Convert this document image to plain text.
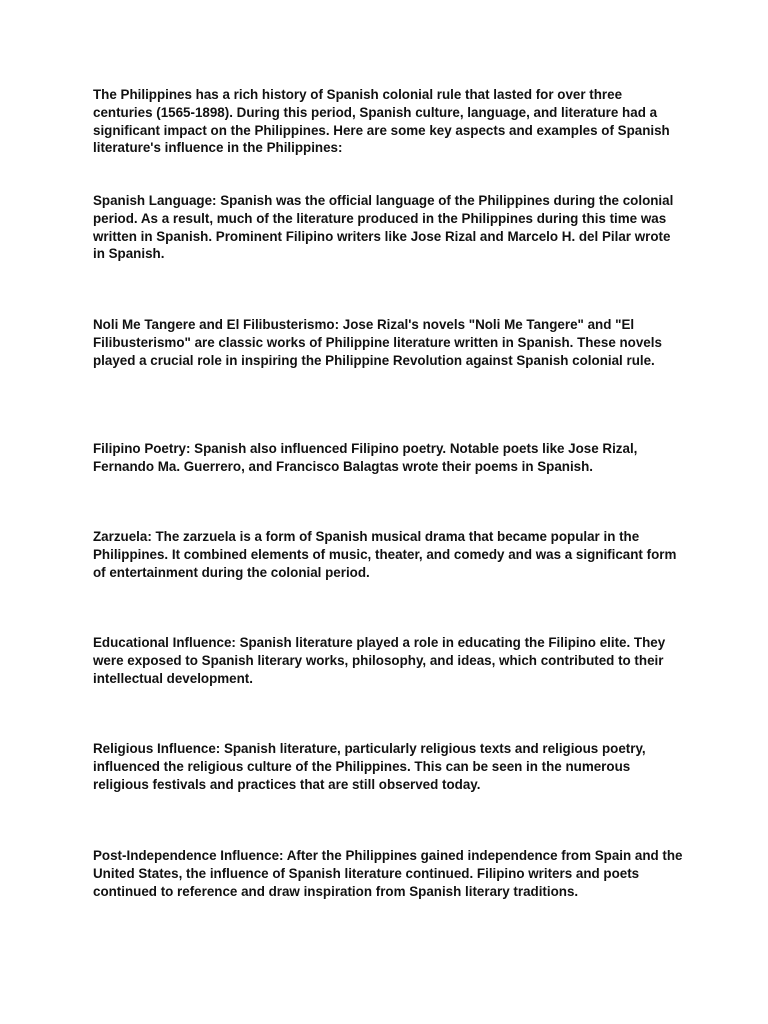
The Philippines has a rich history of Spanish colonial rule that lasted for over three centuries (1565-1898). During this period, Spanish culture, language, and literature had a significant impact on the Philippines. Here are some key aspects and examples of Spanish literature's influence in the Philippines:

Spanish Language: Spanish was the official language of the Philippines during the colonial period. As a result, much of the literature produced in the Philippines during this time was written in Spanish. Prominent Filipino writers like Jose Rizal and Marcelo H. del Pilar wrote in Spanish.

Noli Me Tangere and El Filibusterismo: Jose Rizal's novels "Noli Me Tangere" and "El Filibusterismo" are classic works of Philippine literature written in Spanish. These novels played a crucial role in inspiring the Philippine Revolution against Spanish colonial rule.

Filipino Poetry: Spanish also influenced Filipino poetry. Notable poets like Jose Rizal, Fernando Ma. Guerrero, and Francisco Balagtas wrote their poems in Spanish.

Zarzuela: The zarzuela is a form of Spanish musical drama that became popular in the Philippines. It combined elements of music, theater, and comedy and was a significant form of entertainment during the colonial period.

Educational Influence: Spanish literature played a role in educating the Filipino elite. They were exposed to Spanish literary works, philosophy, and ideas, which contributed to their intellectual development.

Religious Influence: Spanish literature, particularly religious texts and religious poetry, influenced the religious culture of the Philippines. This can be seen in the numerous religious festivals and practices that are still observed today.

Post-Independence Influence: After the Philippines gained independence from Spain and the United States, the influence of Spanish literature continued. Filipino writers and poets continued to reference and draw inspiration from Spanish literary traditions.
